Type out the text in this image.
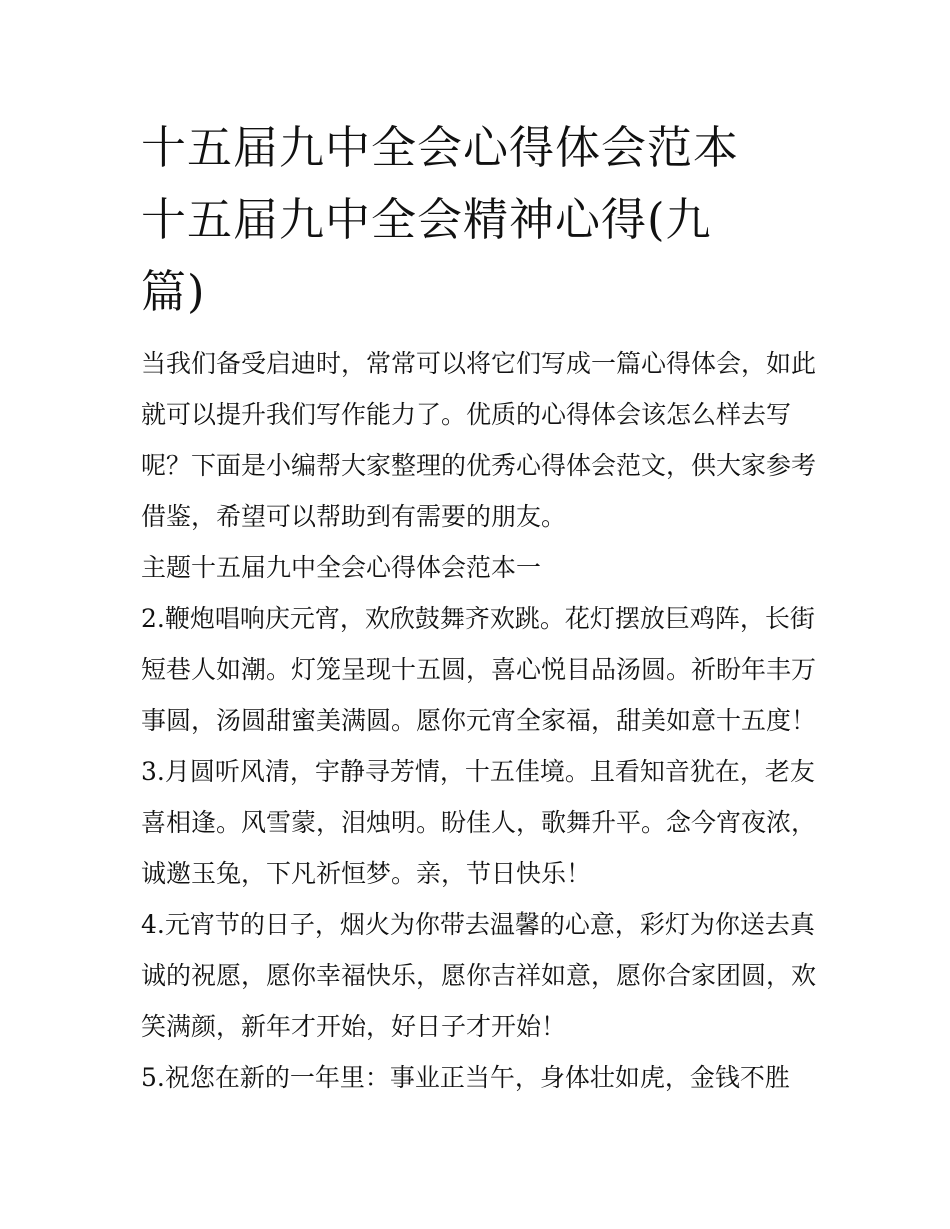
十五届九中全会心得体会范本
十五届九中全会精神心得(九
篇)

当我们备受启迪时，常常可以将它们写成一篇心得体会，如此
就可以提升我们写作能力了。优质的心得体会该怎么样去写
呢？下面是小编帮大家整理的优秀心得体会范文，供大家参考
借鉴，希望可以帮助到有需要的朋友。

主题十五届九中全会心得体会范本一

2.鞭炮唱响庆元宵，欢欣鼓舞齐欢跳。花灯摆放巨鸡阵，长街
短巷人如潮。灯笼呈现十五圆，喜心悦目品汤圆。祈盼年丰万
事圆，汤圆甜蜜美满圆。愿你元宵全家福，甜美如意十五度！

3.月圆听风清，宇静寻芳情，十五佳境。且看知音犹在，老友
喜相逢。风雪蒙，泪烛明。盼佳人，歌舞升平。念今宵夜浓，
诚邀玉兔，下凡祈恒梦。亲，节日快乐！

4.元宵节的日子，烟火为你带去温馨的心意，彩灯为你送去真
诚的祝愿，愿你幸福快乐，愿你吉祥如意，愿你合家团圆，欢
笑满颜，新年才开始，好日子才开始！

5.祝您在新的一年里：事业正当午，身体壮如虎，金钱不胜
